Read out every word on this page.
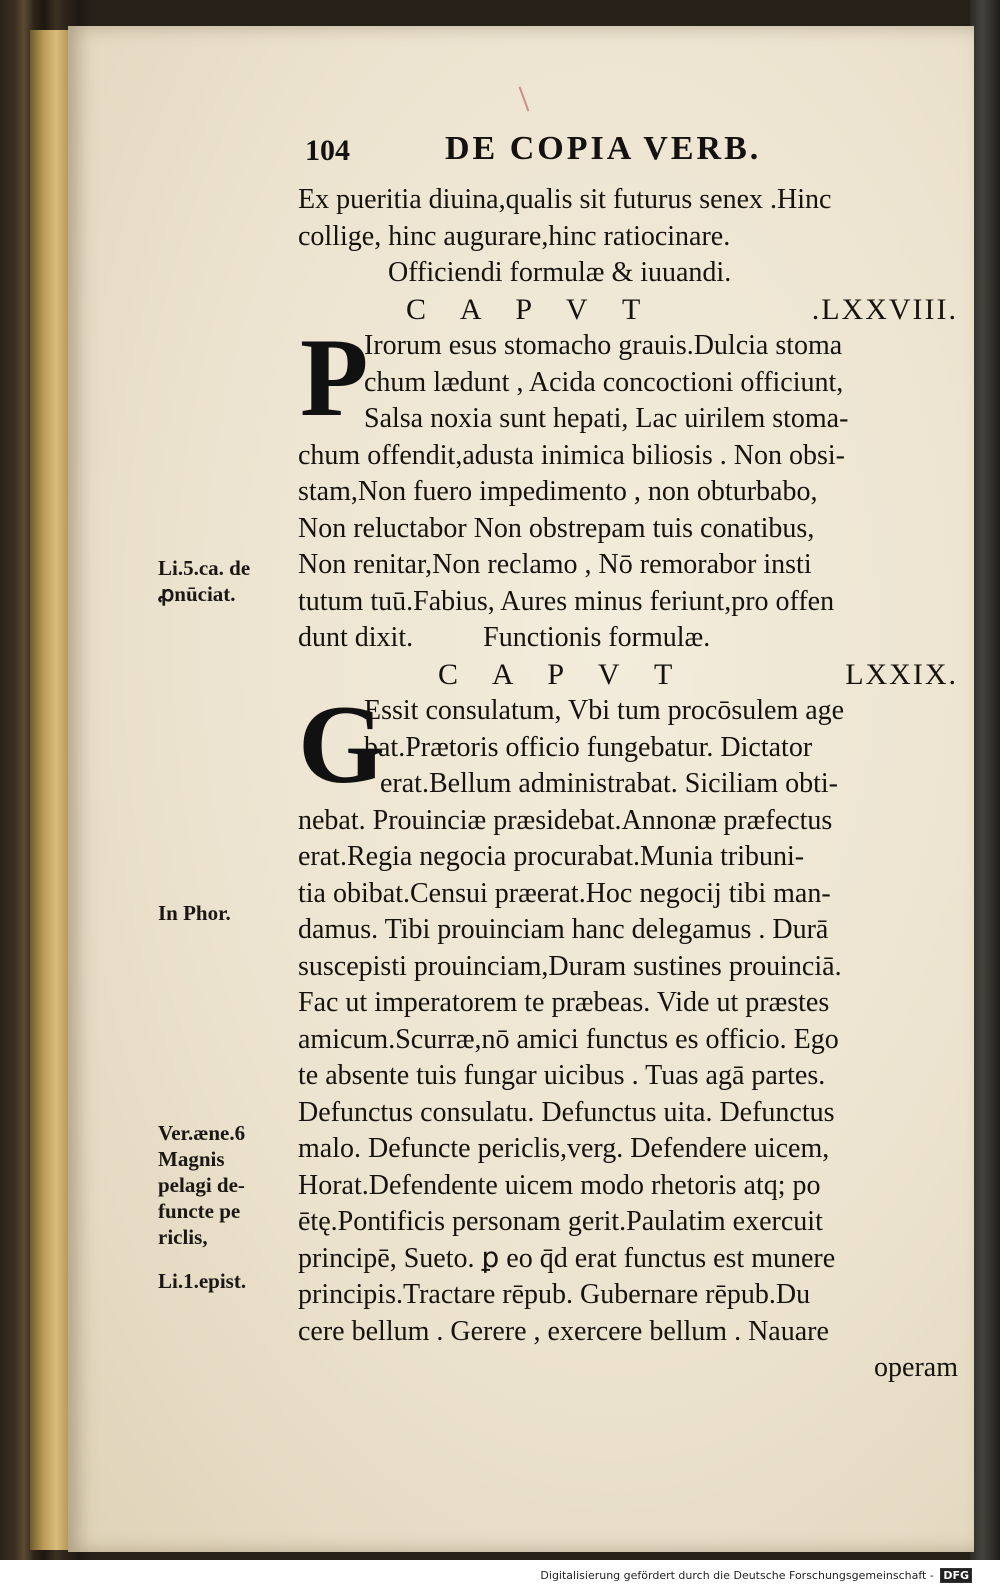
104	DE COPIA VERB.
Ex pueritia diuina,qualis sit futurus senex .Hinc
collige, hinc augurare,hinc ratiocinare.
Officiendi formulæ & iuuandi.
C A P V T	.LXXVIII.
P
Irorum esus stomacho grauis.Dulcia stoma
chum lædunt , Acida concoctioni officiunt,
Salsa noxia sunt hepati, Lac uirilem stoma-
chum offendit,adusta inimica biliosis . Non obsi-
stam,Non fuero impedimento , non obturbabo,
Non reluctabor Non obstrepam tuis conatibus,
Non renitar,Non reclamo , Nō remorabor insti
tutum tuū.Fabius, Aures minus feriunt,pro offen
dunt dixit.          Functionis formulæ.
C A P V T	LXXIX.
G
Essit consulatum, Vbi tum procōsulem age
bat.Prætoris officio fungebatur. Dictator
erat.Bellum administrabat. Siciliam obti-
nebat. Prouinciæ præsidebat.Annonæ præfectus
erat.Regia negocia procurabat.Munia tribuni-
tia obibat.Censui præerat.Hoc negocij tibi man-
damus. Tibi prouinciam hanc delegamus . Durā
suscepisti prouinciam,Duram sustines prouinciā.
Fac ut imperatorem te præbeas. Vide ut præstes
amicum.Scurræ,nō amici functus es officio. Ego
te absente tuis fungar uicibus . Tuas agā partes.
Defunctus consulatu. Defunctus uita. Defunctus
malo. Defuncte periclis,verg. Defendere uicem,
Horat.Defendente uicem modo rhetoris atq; po
ētę.Pontificis personam gerit.Paulatim exercuit
principē, Sueto. ꝑ eo q̄d erat functus est munere
principis.Tractare rēpub. Gubernare rēpub.Du
cere bellum . Gerere , exercere bellum . Nauare
operam
Li.5.ca. de
ꝓnūciat.
In Phor.
Ver.æne.6
Magnis
pelagi de-
functe pe
riclis,
Li.1.epist.
Digitalisierung gefördert durch die Deutsche Forschungsgemeinschaft - DFG
